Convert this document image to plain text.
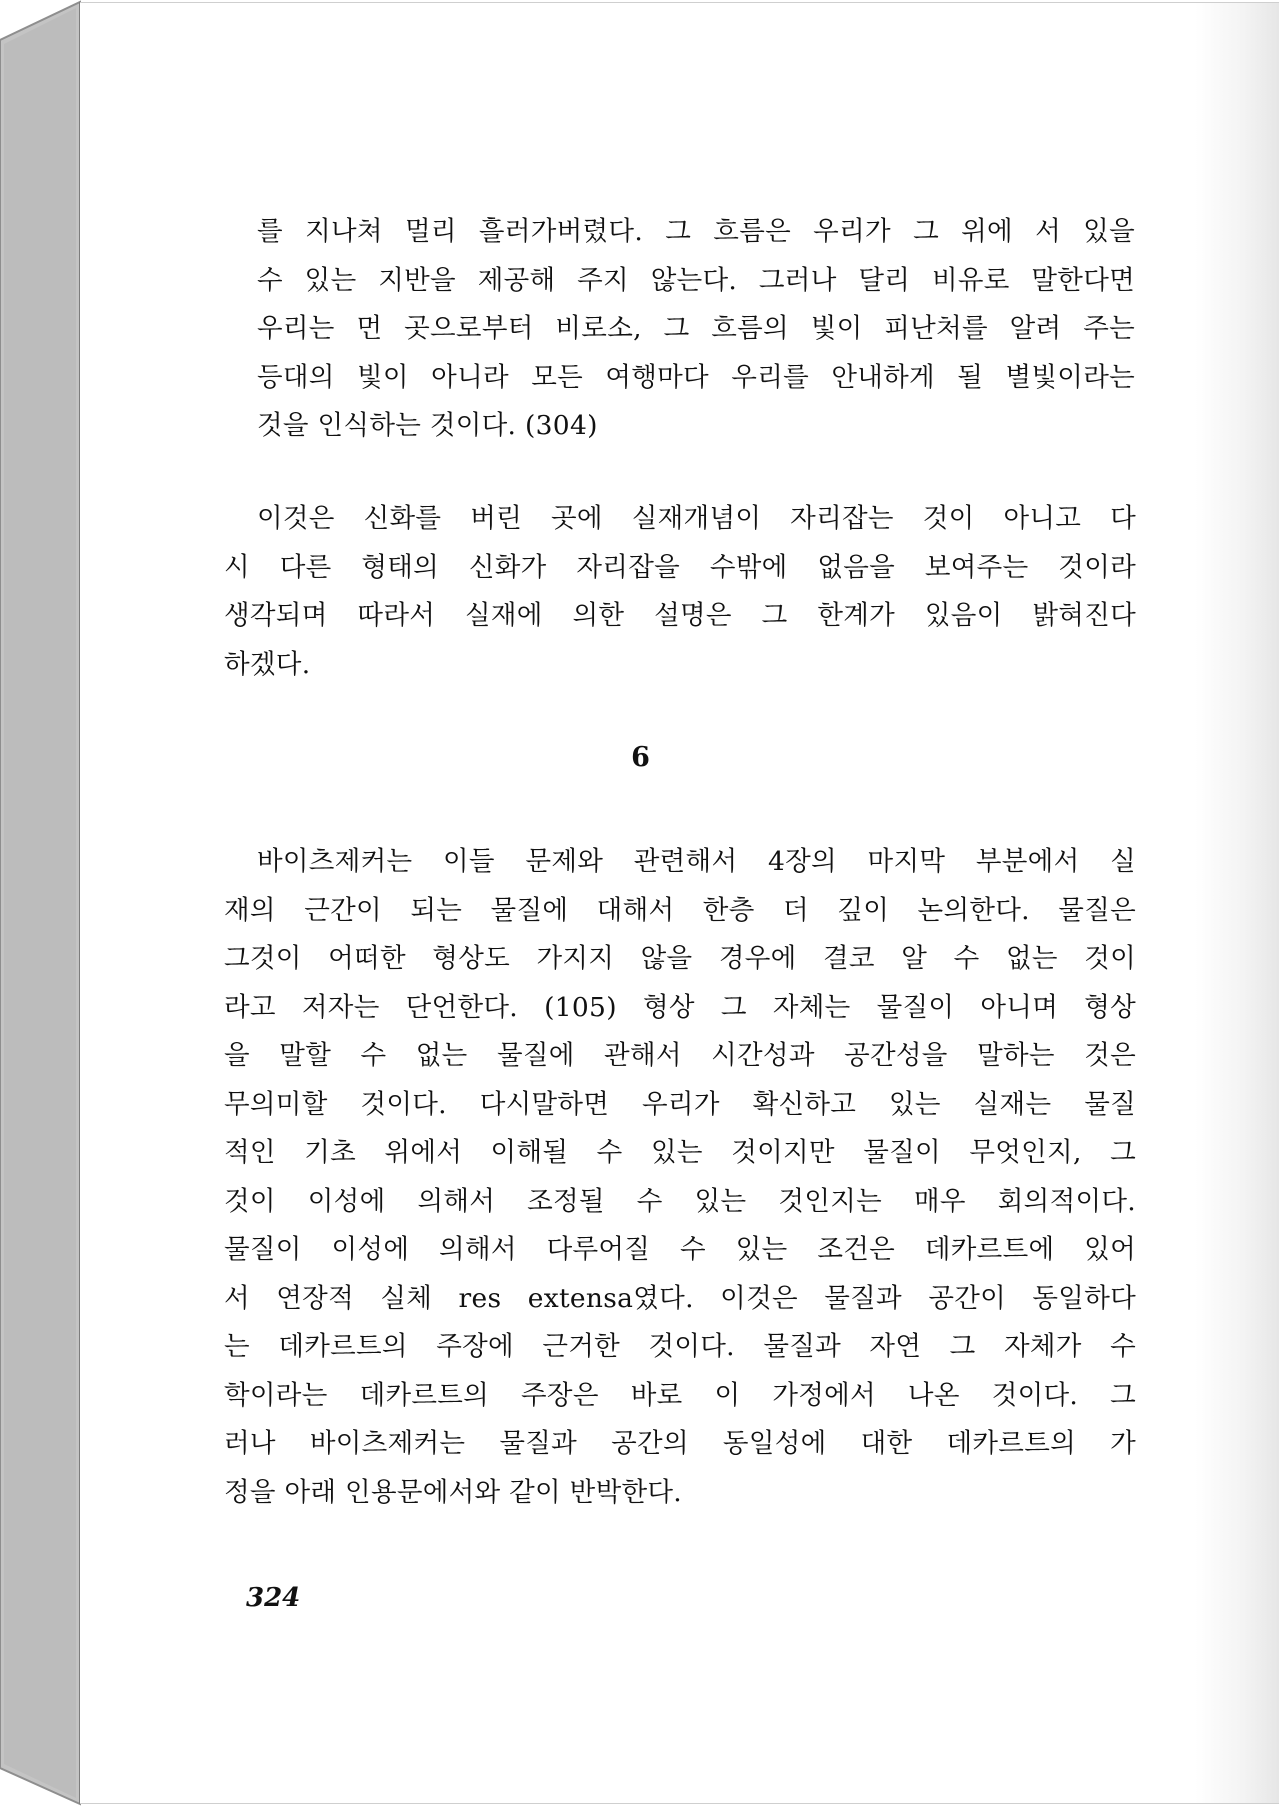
를 지나쳐 멀리 흘러가버렸다. 그 흐름은 우리가 그 위에 서 있을
수 있는 지반을 제공해 주지 않는다. 그러나 달리 비유로 말한다면
우리는 먼 곳으로부터 비로소, 그 흐름의 빛이 피난처를 알려 주는
등대의 빛이 아니라 모든 여행마다 우리를 안내하게 될 별빛이라는
것을 인식하는 것이다. (304)
이것은 신화를 버린 곳에 실재개념이 자리잡는 것이 아니고 다
시 다른 형태의 신화가 자리잡을 수밖에 없음을 보여주는 것이라
생각되며 따라서 실재에 의한 설명은 그 한계가 있음이 밝혀진다
하겠다.
6
바이츠제커는 이들 문제와 관련해서 4장의 마지막 부분에서 실
재의 근간이 되는 물질에 대해서 한층 더 깊이 논의한다. 물질은
그것이 어떠한 형상도 가지지 않을 경우에 결코 알 수 없는 것이
라고 저자는 단언한다. (105) 형상 그 자체는 물질이 아니며 형상
을 말할 수 없는 물질에 관해서 시간성과 공간성을 말하는 것은
무의미할 것이다. 다시말하면 우리가 확신하고 있는 실재는 물질
적인 기초 위에서 이해될 수 있는 것이지만 물질이 무엇인지, 그
것이 이성에 의해서 조정될 수 있는 것인지는 매우 회의적이다.
물질이 이성에 의해서 다루어질 수 있는 조건은 데카르트에 있어
서 연장적 실체 res extensa였다. 이것은 물질과 공간이 동일하다
는 데카르트의 주장에 근거한 것이다. 물질과 자연 그 자체가 수
학이라는 데카르트의 주장은 바로 이 가정에서 나온 것이다. 그
러나 바이츠제커는 물질과 공간의 동일성에 대한 데카르트의 가
정을 아래 인용문에서와 같이 반박한다.
324
